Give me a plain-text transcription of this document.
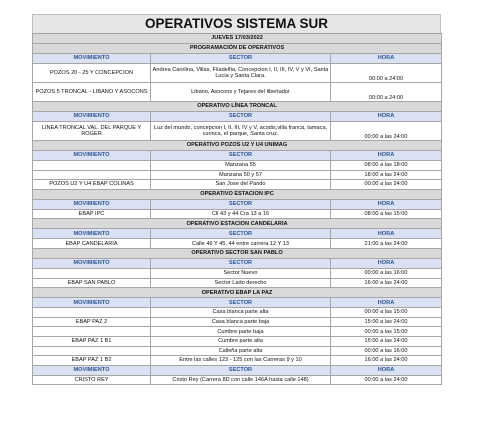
OPERATIVOS SISTEMA SUR
JUEVES 17/03/2022		
PROGRAMACIÓN DE OPERATIVOS		
MOVIMIENTO	SECTOR	HORA
POZOS 20 - 25 Y CONCEPCION	Andrea Carolina, Villas, Filadelfia, Concepcion I, II, III, IV, V y VI, Santa Lucia y Santa Clara.	00:00 a 24:00
POZOS 5 TRONCAL - LIBANO Y ASOCONS	Libano, Asocons y Tejares del libertador	00:00 a 24:00
OPERATIVO LÍNEA TRONCAL		
MOVIMIENTO	SECTOR	HORA
LINEA TRONCAL VAL. DEL PARQUE Y ROGER	Luz del mundo, concepcion I, II, III, IV y V, acodis,villa franca, tamaca, curinca, el parque, Santa cruz.	00:00 a las 24:00
OPERATIVO POZOS U2 Y U4 UNIMAG		
MOVIMIENTO	SECTOR	HORA
	Manzana 55	08:00 a las 18:00
	Manzana 50 y 57	18:00 a las 24:00
POZOS U2 Y U4 EBAP COLINAS	San Jose del Pando	00:00 a las 24:00
OPERATIVO ESTACION IPC		
MOVIMIENTO	SECTOR	HORA
EBAP IPC	Cll 43 y 44 Cra 13 a 16	08:00 a las 15:00
OPERATIVO ESTACION CANDELARIA		
MOVIMIENTO	SECTOR	HORA
EBAP CANDELARIA	Calle 46 Y 45, 44 entre carrera 12 Y 13	21:00 a las 24:00
OPERATIVO SECTOR SAN PABLO		
MOVIMIENTO	SECTOR	HORA
	Sector Nuevo	00:00 a las 16:00
EBAP SAN PABLO	Sector Lado derecho	16:00 a las 24:00
OPERATIVO EBAP LA PAZ		
MOVIMIENTO	SECTOR	HORA
	Casa blanca parte alta	00:00 a las 15:00
EBAP PAZ 2	Casa blanca parte baja	15:00 a las 24:00
	Cumbre parte baja	00:00 a las 15:00
EBAP PAZ 1 B1	Cumbre parte alta	15:00 a las 24:00
	Calleña parte alta	00:00 a las 16:00
EBAP PAZ 1 B2	Entre las calles 123 - 125 con las Carreras 9 y 10	16:00 a las 24:00
MOVIMIENTO	SECTOR	HORA
CRISTO REY	Cristo Rey (Carrera 8D con calle 146A hasta calle 148)	00:00 a las 24:00
